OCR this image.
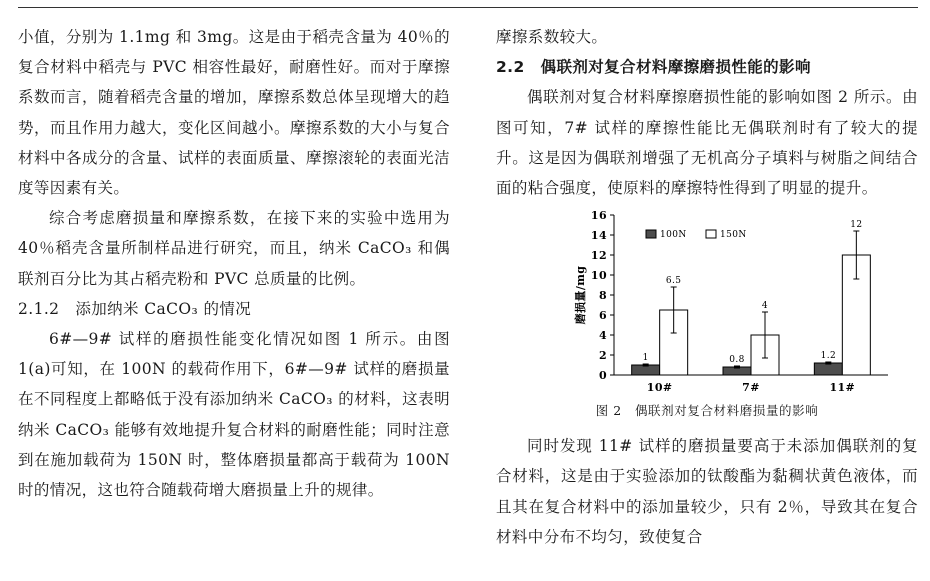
小值，分别为 1.1mg 和 3mg。这是由于稻壳含量为 40％的复合材料中稻壳与 PVC 相容性最好，耐磨性好。而对于摩擦系数而言，随着稻壳含量的增加，摩擦系数总体呈现增大的趋势，而且作用力越大，变化区间越小。摩擦系数的大小与复合材料中各成分的含量、试样的表面质量、摩擦滚轮的表面光洁度等因素有关。

综合考虑磨损量和摩擦系数，在接下来的实验中选用为 40％稻壳含量所制样品进行研究，而且，纳米 CaCO₃ 和偶联剂百分比为其占稻壳粉和 PVC 总质量的比例。

2.1.2　添加纳米 CaCO₃ 的情况

6#—9# 试样的磨损性能变化情况如图 1 所示。由图 1(a)可知，在 100N 的载荷作用下，6#—9# 试样的磨损量在不同程度上都略低于没有添加纳米 CaCO₃ 的材料，这表明纳米 CaCO₃ 能够有效地提升复合材料的耐磨性能；同时注意到在施加载荷为 150N 时，整体磨损量都高于载荷为 100N 时的情况，这也符合随载荷增大磨损量上升的规律。

摩擦系数较大。

2.2　偶联剂对复合材料摩擦磨损性能的影响

偶联剂对复合材料摩擦磨损性能的影响如图 2 所示。由图可知，7# 试样的摩擦性能比无偶联剂时有了较大的提升。这是因为偶联剂增强了无机高分子填料与树脂之间结合面的粘合强度，使原料的摩擦特性得到了明显的提升。

0
2
4
6
8
10
12
14
16
磨损量/mg
10#
1
6.5
7#
0.8
4
11#
1.2
12
100N	150N
图 2　偶联剂对复合材料磨损量的影响

同时发现 11# 试样的磨损量要高于未添加偶联剂的复合材料，这是由于实验添加的钛酸酯为黏稠状黄色液体，而且其在复合材料中的添加量较少，只有 2％，导致其在复合材料中分布不均匀，致使复合
